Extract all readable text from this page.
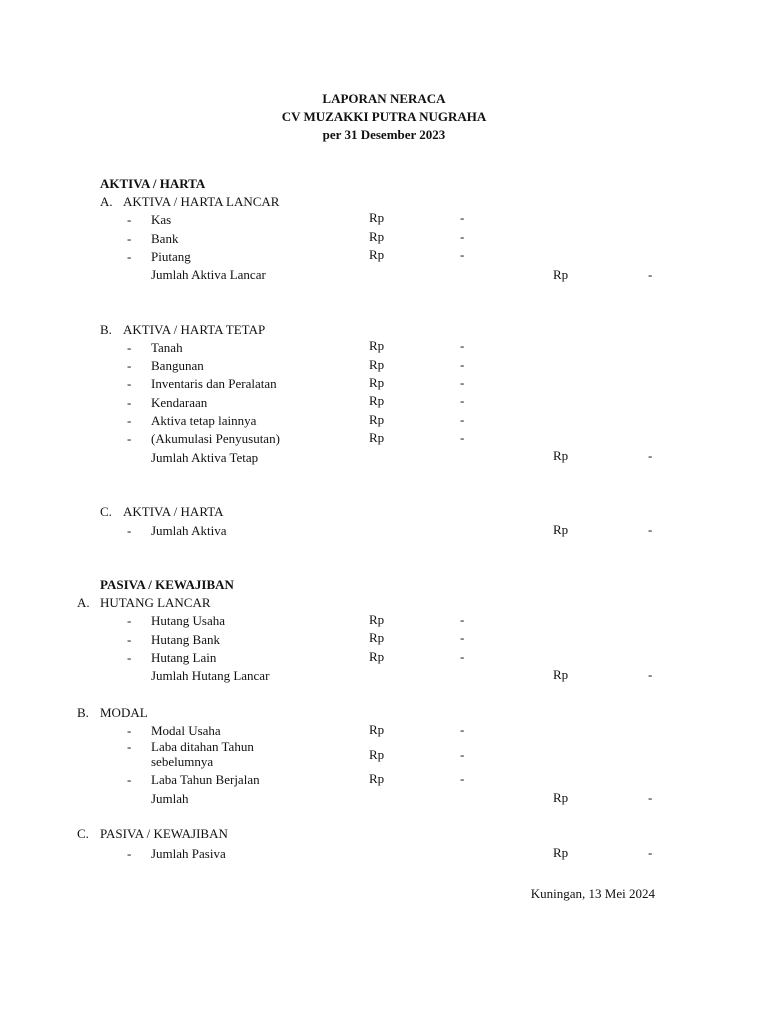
LAPORAN NERACA
CV MUZAKKI PUTRA NUGRAHA
per 31 Desember 2023
AKTIVA / HARTA
A. AKTIVA / HARTA LANCAR
- Kas	Rp	-
- Bank	Rp	-
- Piutang	Rp	-
Jumlah Aktiva Lancar	Rp	-
B. AKTIVA / HARTA TETAP
- Tanah	Rp	-
- Bangunan	Rp	-
- Inventaris dan Peralatan	Rp	-
- Kendaraan	Rp	-
- Aktiva tetap lainnya	Rp	-
- (Akumulasi Penyusutan)	Rp	-
Jumlah Aktiva Tetap	Rp	-
C. AKTIVA / HARTA
- Jumlah Aktiva	Rp	-
PASIVA / KEWAJIBAN
A. HUTANG LANCAR
- Hutang Usaha	Rp	-
- Hutang Bank	Rp	-
- Hutang Lain	Rp	-
Jumlah Hutang Lancar	Rp	-
B. MODAL
- Modal Usaha	Rp	-
- Laba ditahan Tahun
sebelumnya	Rp	-
- Laba Tahun Berjalan	Rp	-
Jumlah	Rp	-
C. PASIVA / KEWAJIBAN
- Jumlah Pasiva	Rp	-
Kuningan, 13 Mei 2024
